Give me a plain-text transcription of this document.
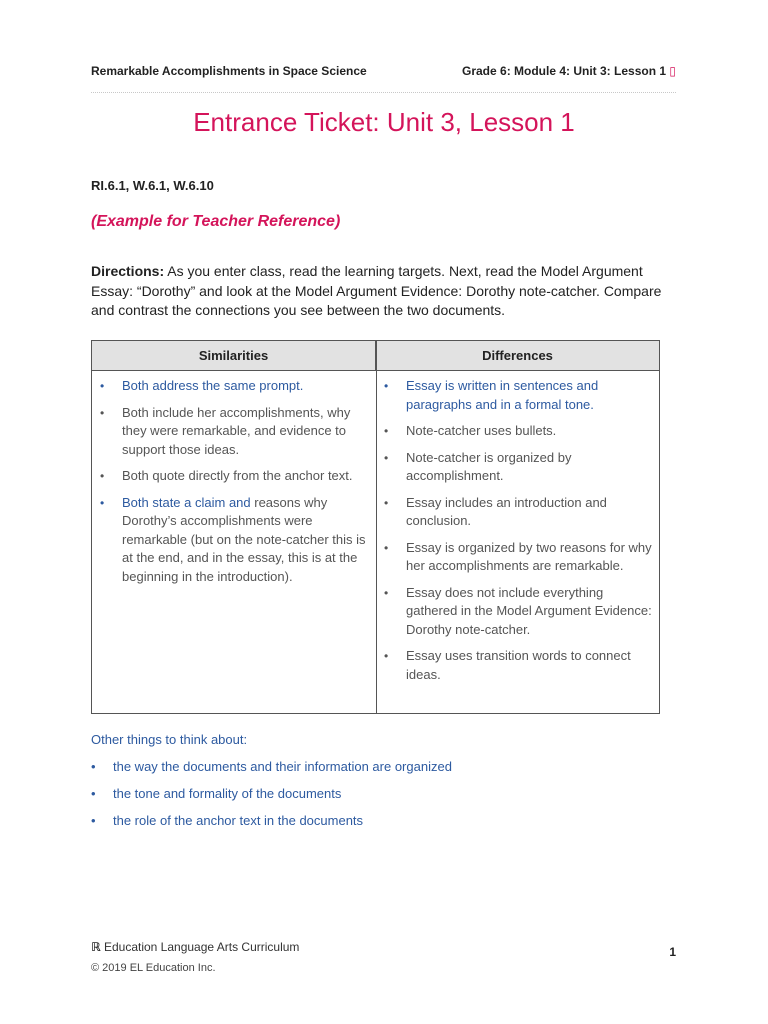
Remarkable Accomplishments in Space Science	Grade 6: Module 4: Unit 3: Lesson 1 ▯
Entrance Ticket: Unit 3, Lesson 1
RI.6.1, W.6.1, W.6.10
(Example for Teacher Reference)
Directions: As you enter class, read the learning targets. Next, read the Model Argument Essay: “Dorothy” and look at the Model Argument Evidence: Dorothy note-catcher. Compare and contrast the connections you see between the two documents.
Similarities	Differences
• Both address the same prompt.
• Both include her accomplishments, why they were remarkable, and evidence to support those ideas.
• Both quote directly from the anchor text.
• Both state a claim and reasons why Dorothy’s accomplishments were remarkable (but on the note-catcher this is at the end, and in the essay, this is at the beginning in the introduction).
• Essay is written in sentences and paragraphs and in a formal tone.
• Note-catcher uses bullets.
• Note-catcher is organized by accomplishment.
• Essay includes an introduction and conclusion.
• Essay is organized by two reasons for why her accomplishments are remarkable.
• Essay does not include everything gathered in the Model Argument Evidence: Dorothy note-catcher.
• Essay uses transition words to connect ideas.
Other things to think about:
• the way the documents and their information are organized
• the tone and formality of the documents
• the role of the anchor text in the documents
ℝ Education Language Arts Curriculum
© 2019 EL Education Inc.
1
